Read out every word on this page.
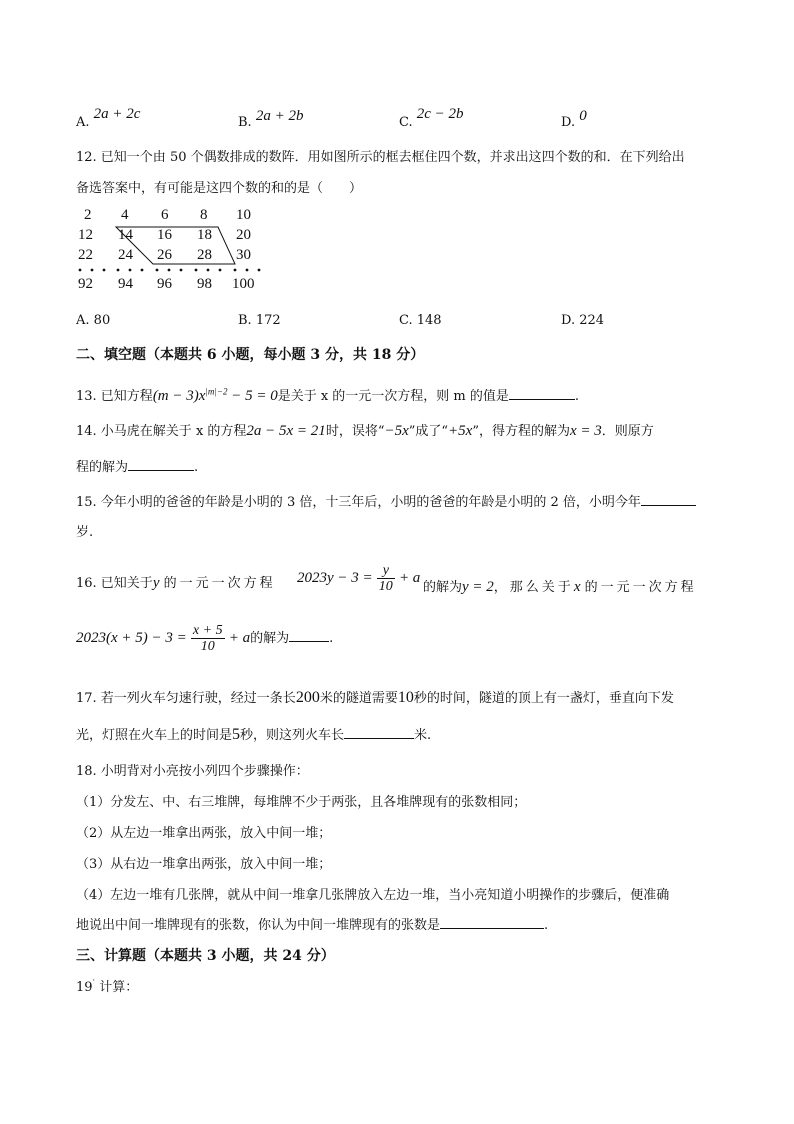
A. 2a + 2c
B. 2a + 2b	C. 2c − 2b
D. 0
12. 已知一个由 50 个偶数排成的数阵．用如图所示的框去框住四个数，并求出这四个数的和．在下列给出
备选答案中，有可能是这四个数的和的是（　　）
2 4 6 8 10
12 14 16 18 20
22 24 26 28 30
92 94 96 98 100
A. 80	B. 172	C. 148	D. 224
二、填空题（本题共 6 小题，每小题 3 分，共 18 分）
13. 已知方程$(m - 3)x^{|m|-2} - 5 = 0$是关于 x 的一元一次方程，则 m 的值是	.
14. 小马虎在解关于 x 的方程2a − 5x = 21时，误将“−5x”成了“+5x”，得方程的解为x = 3．则原方
程的解为	.
15. 今年小明的爸爸的年龄是小明的 3 倍，十三年后，小明的爸爸的年龄是小明的 2 倍，小明今年
岁.
16. 已知关于y 的一元一次方程 $2023y - 3 = \frac{y}{10} + a$
的解为y = 2，那么关于x 的一元一次方程
$2023(x + 5) - 3 = \frac{x + 5}{10} + a$的解为	.
17. 若一列火车匀速行驶，经过一条长200米的隧道需要10秒的时间，隧道的顶上有一盏灯，垂直向下发
光，灯照在火车上的时间是5秒，则这列火车长	米.
18. 小明背对小亮按小列四个步骤操作：
（1）分发左、中、右三堆牌，每堆牌不少于两张，且各堆牌现有的张数相同；
（2）从左边一堆拿出两张，放入中间一堆；
（3）从右边一堆拿出两张，放入中间一堆；
（4）左边一堆有几张牌，就从中间一堆拿几张牌放入左边一堆，当小亮知道小明操作的步骤后，便准确
地说出中间一堆牌现有的张数，你认为中间一堆牌现有的张数是	.
三、计算题（本题共 3 小题，共 24 分）
19· 计算：
